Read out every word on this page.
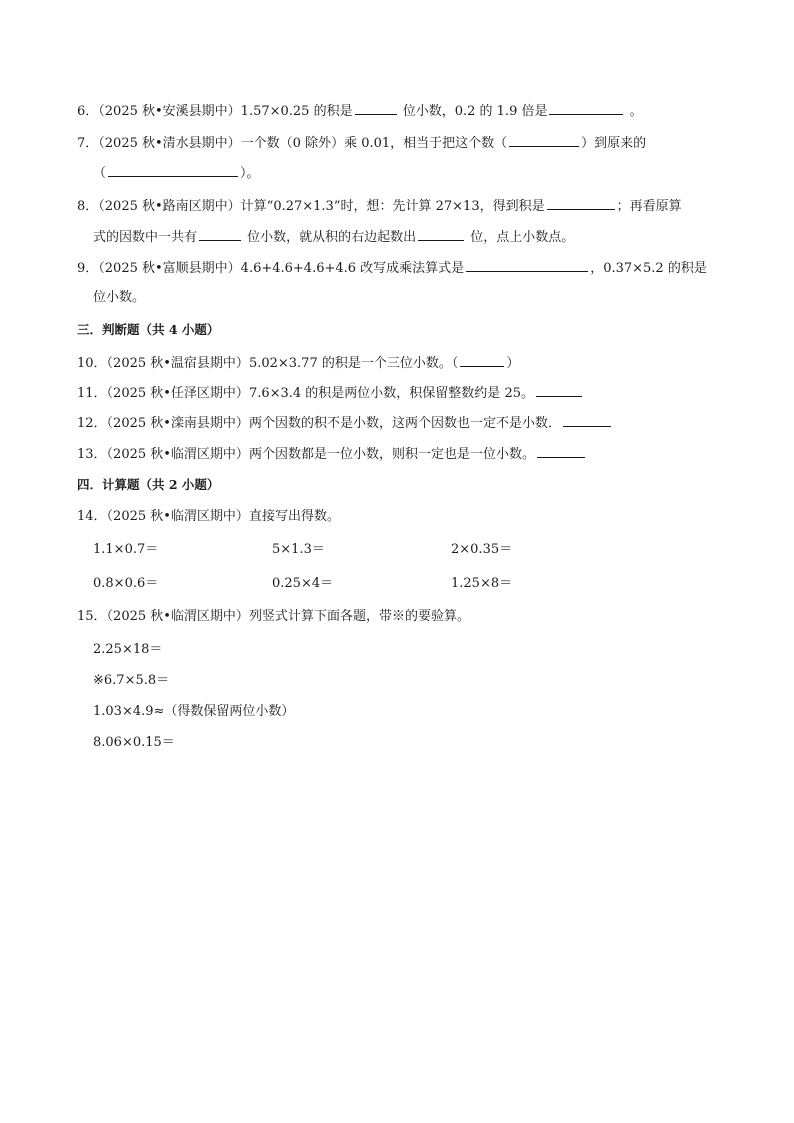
6．（2025 秋•安溪县期中）1.57×0.25 的积是	位小数，0.2 的 1.9 倍是	。
7．（2025 秋•清水县期中）一个数（0 除外）乘 0.01，相当于把这个数（	）到原来的
（	）。
8．（2025 秋•路南区期中）计算“0.27×1.3”时，想：先计算 27×13，得到积是	；再看原算
式的因数中一共有	位小数，就从积的右边起数出	位，点上小数点。
9．（2025 秋•富顺县期中）4.6+4.6+4.6+4.6 改写成乘法算式是	，0.37×5.2 的积是
位小数。
三．判断题（共 4 小题）
10．（2025 秋•温宿县期中）5.02×3.77 的积是一个三位小数。（	）
11．（2025 秋•任泽区期中）7.6×3.4 的积是两位小数，积保留整数约是 25。
12．（2025 秋•滦南县期中）两个因数的积不是小数，这两个因数也一定不是小数．
13．（2025 秋•临渭区期中）两个因数都是一位小数，则积一定也是一位小数。
四．计算题（共 2 小题）
14．（2025 秋•临渭区期中）直接写出得数。
1.1×0.7＝	5×1.3＝	2×0.35＝
0.8×0.6＝	0.25×4＝	1.25×8＝
15．（2025 秋•临渭区期中）列竖式计算下面各题，带※的要验算。
2.25×18＝
※6.7×5.8＝
1.03×4.9≈（得数保留两位小数）
8.06×0.15＝
